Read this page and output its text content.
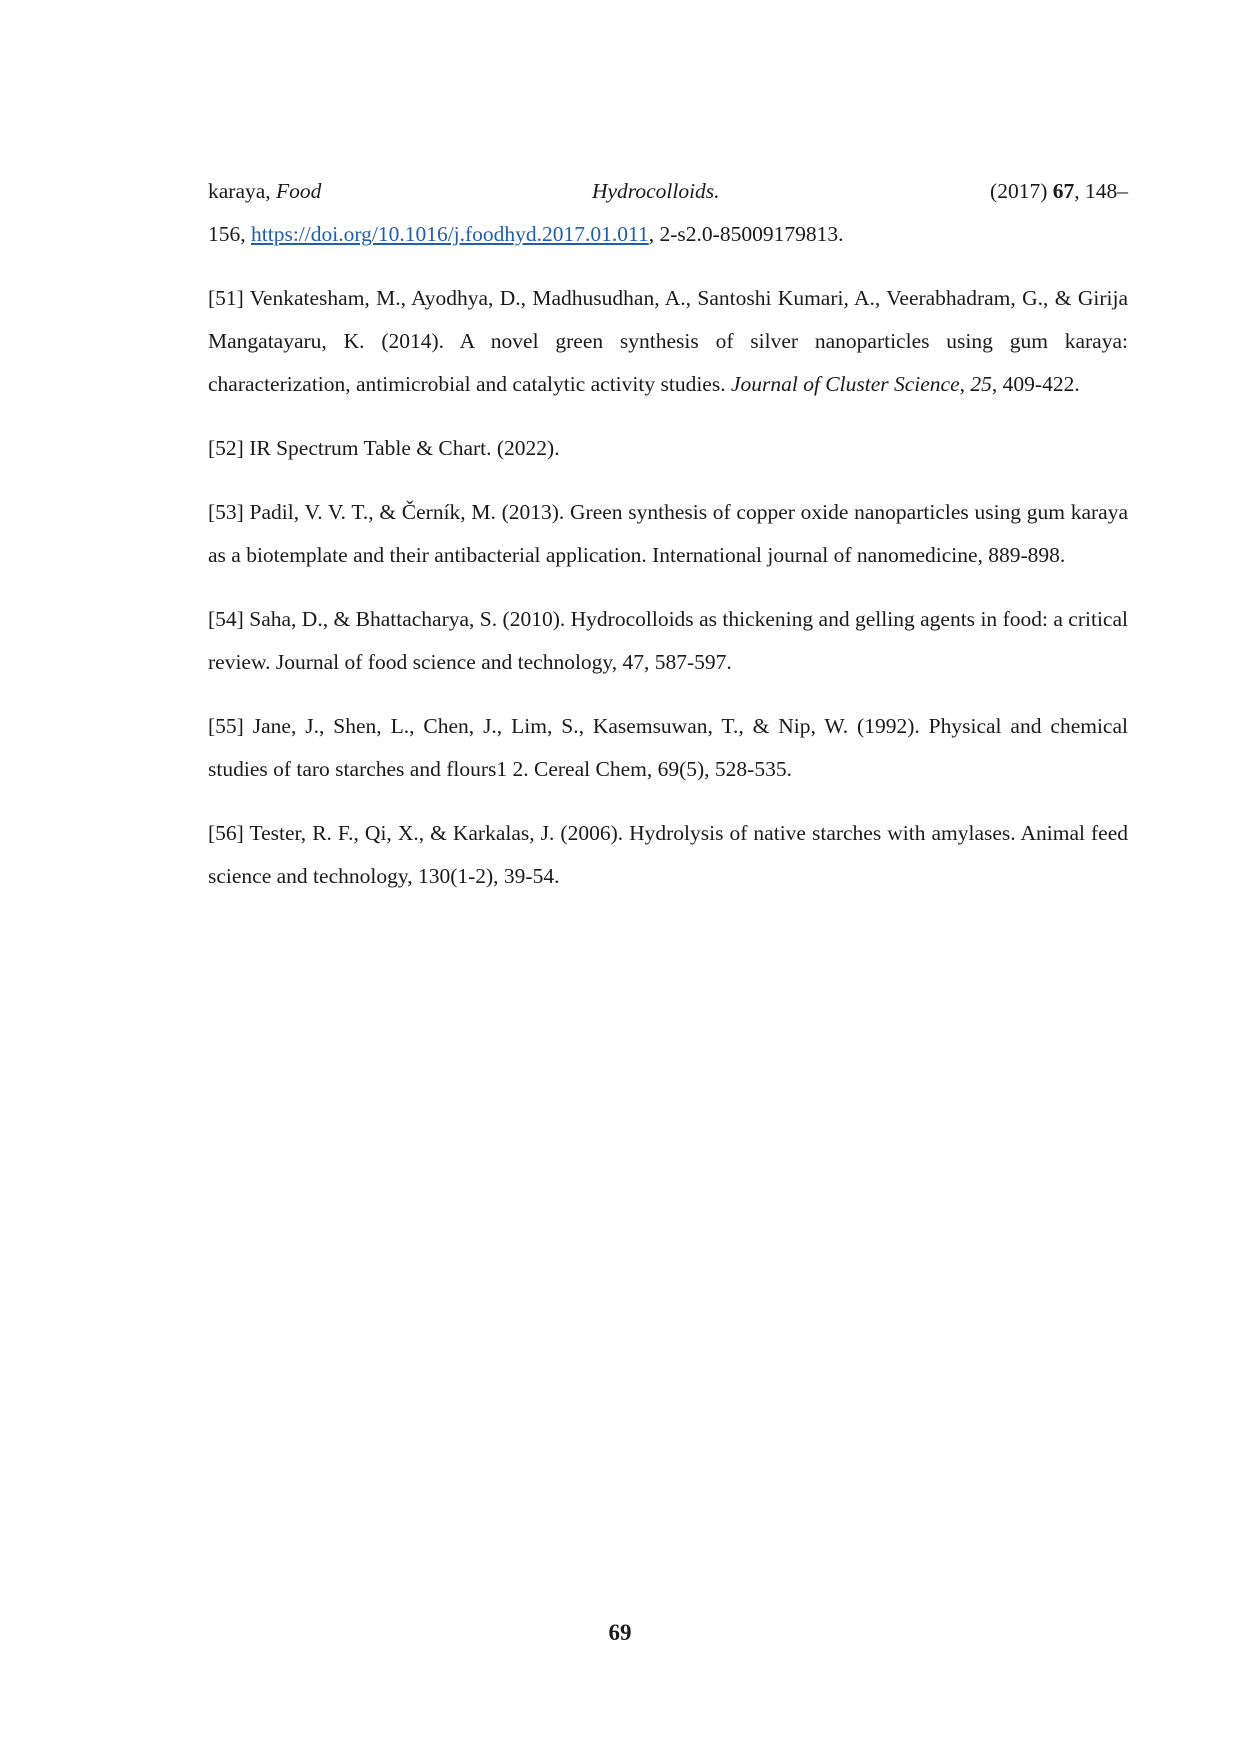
karaya, Food	Hydrocolloids.	(2017) 67, 148–
156, https://doi.org/10.1016/j.foodhyd.2017.01.011, 2-s2.0-85009179813.
[51] Venkatesham, M., Ayodhya, D., Madhusudhan, A., Santoshi Kumari, A., Veerabhadram, G., & Girija Mangatayaru, K. (2014). A novel green synthesis of silver nanoparticles using gum karaya: characterization, antimicrobial and catalytic activity studies. Journal of Cluster Science, 25, 409-422.
[52] IR Spectrum Table & Chart. (2022).
[53] Padil, V. V. T., & Černík, M. (2013). Green synthesis of copper oxide nanoparticles using gum karaya as a biotemplate and their antibacterial application. International journal of nanomedicine, 889-898.
[54] Saha, D., & Bhattacharya, S. (2010). Hydrocolloids as thickening and gelling agents in food: a critical review. Journal of food science and technology, 47, 587-597.
[55] Jane, J., Shen, L., Chen, J., Lim, S., Kasemsuwan, T., & Nip, W. (1992). Physical and chemical studies of taro starches and flours1 2. Cereal Chem, 69(5), 528-535.
[56] Tester, R. F., Qi, X., & Karkalas, J. (2006). Hydrolysis of native starches with amylases. Animal feed science and technology, 130(1-2), 39-54.
69
